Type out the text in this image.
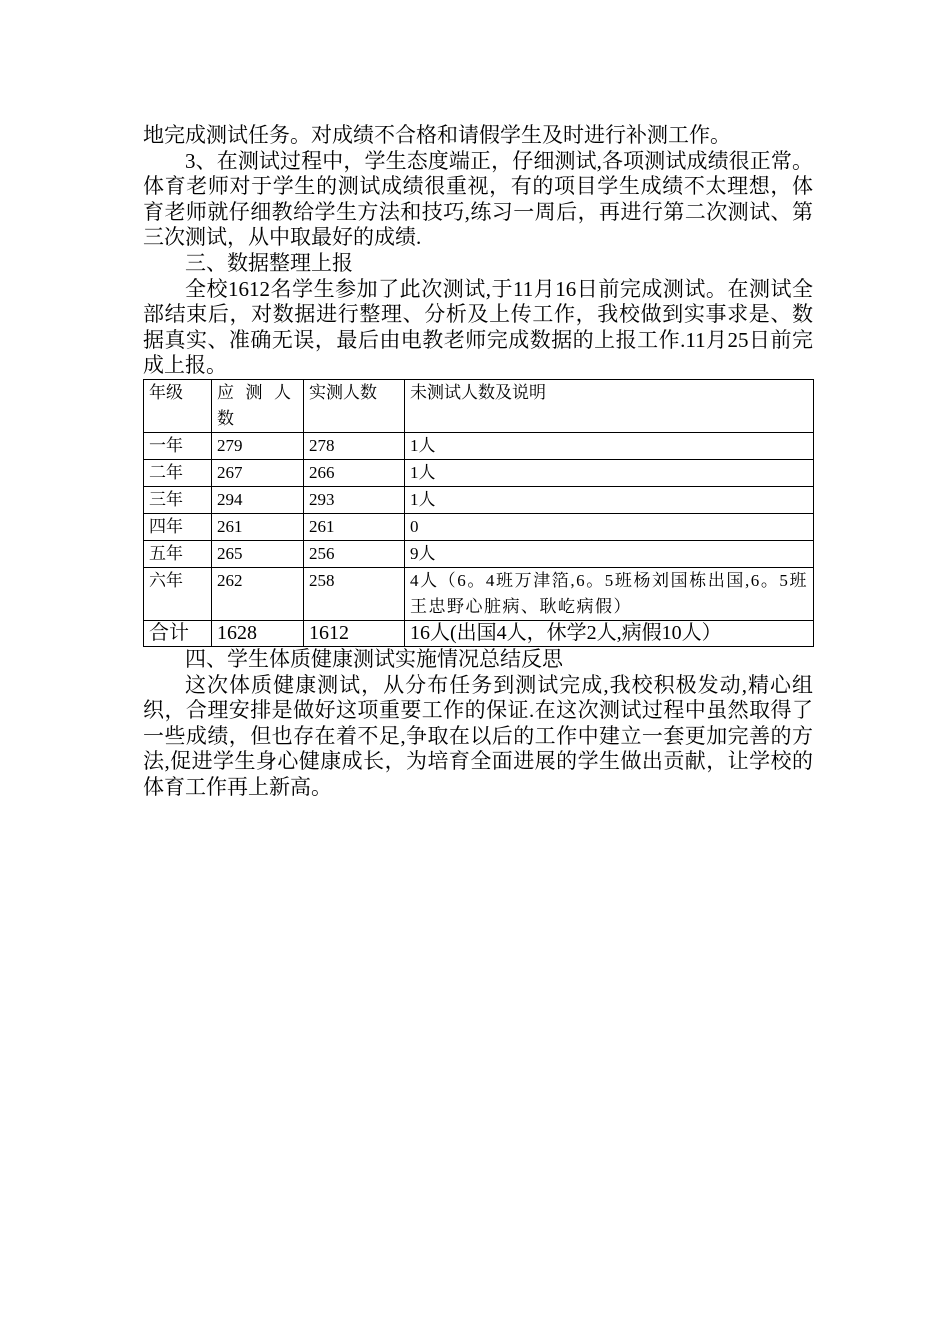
地完成测试任务。对成绩不合格和请假学生及时进行补测工作。

3、在测试过程中，学生态度端正，仔细测试,各项测试成绩很正常。体育老师对于学生的测试成绩很重视，有的项目学生成绩不太理想，体育老师就仔细教给学生方法和技巧,练习一周后，再进行第二次测试、第三次测试，从中取最好的成绩.

三、数据整理上报

全校1612名学生参加了此次测试,于11月16日前完成测试。在测试全部结束后，对数据进行整理、分析及上传工作，我校做到实事求是、数据真实、准确无误，最后由电教老师完成数据的上报工作.11月25日前完成上报。

年级	应测人数	实测人数	未测试人数及说明
一年	279	278	1人
二年	267	266	1人
三年	294	293	1人
四年	261	261	0
五年	265	256	9人
六年	262	258	4人（6。4班万津箔,6。5班杨刘国栋出国,6。5班王忠野心脏病、耿屹病假）
合计	1628	1612	16人(出国4人，休学2人,病假10人）

四、学生体质健康测试实施情况总结反思

这次体质健康测试，从分布任务到测试完成,我校积极发动,精心组织，合理安排是做好这项重要工作的保证.在这次测试过程中虽然取得了一些成绩，但也存在着不足,争取在以后的工作中建立一套更加完善的方法,促进学生身心健康成长，为培育全面进展的学生做出贡献，让学校的体育工作再上新高。
